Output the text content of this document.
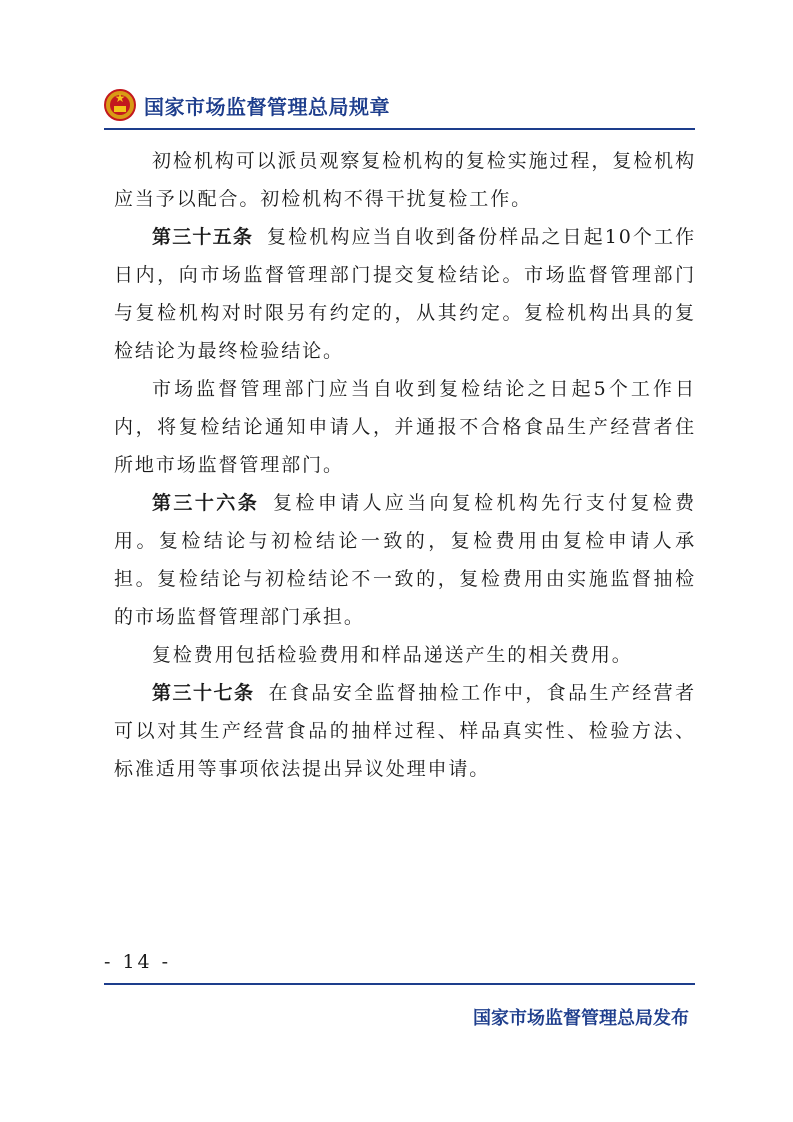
★ 国家市场监督管理总局规章

初检机构可以派员观察复检机构的复检实施过程，复检机构应当予以配合。初检机构不得干扰复检工作。

第三十五条 复检机构应当自收到备份样品之日起10个工作日内，向市场监督管理部门提交复检结论。市场监督管理部门与复检机构对时限另有约定的，从其约定。复检机构出具的复检结论为最终检验结论。

市场监督管理部门应当自收到复检结论之日起5个工作日内，将复检结论通知申请人，并通报不合格食品生产经营者住所地市场监督管理部门。

第三十六条 复检申请人应当向复检机构先行支付复检费用。复检结论与初检结论一致的，复检费用由复检申请人承担。复检结论与初检结论不一致的，复检费用由实施监督抽检的市场监督管理部门承担。

复检费用包括检验费用和样品递送产生的相关费用。

第三十七条 在食品安全监督抽检工作中，食品生产经营者可以对其生产经营食品的抽样过程、样品真实性、检验方法、标准适用等事项依法提出异议处理申请。

- 14 -
国家市场监督管理总局发布
